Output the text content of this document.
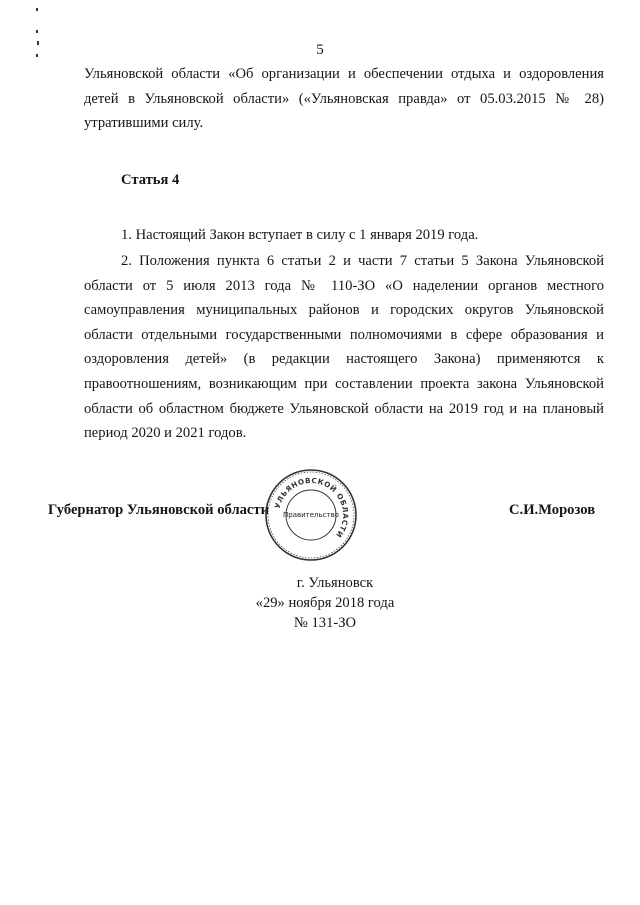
5

Ульяновской области «Об организации и обеспечении отдыха и оздоровления детей в Ульяновской области» («Ульяновская правда» от 05.03.2015 № 28) утратившими силу.

Статья 4

1. Настоящий Закон вступает в силу с 1 января 2019 года.

2. Положения пункта 6 статьи 2 и части 7 статьи 5 Закона Ульяновской области от 5 июля 2013 года № 110-ЗО «О наделении органов местного самоуправления муниципальных районов и городских округов Ульяновской области отдельными государственными полномочиями в сфере образования и оздоровления детей» (в редакции настоящего Закона) применяются к правоотношениям, возникающим при составлении проекта закона Ульяновской области об областном бюджете Ульяновской области на 2019 год и на плановый период 2020 и 2021 годов.

Губернатор Ульяновской области	С.И.Морозов
УЛЬЯНОВСКОЙ ОБЛАСТИ
Правительство
г. Ульяновск
«29» ноября 2018 года
№ 131-ЗО
